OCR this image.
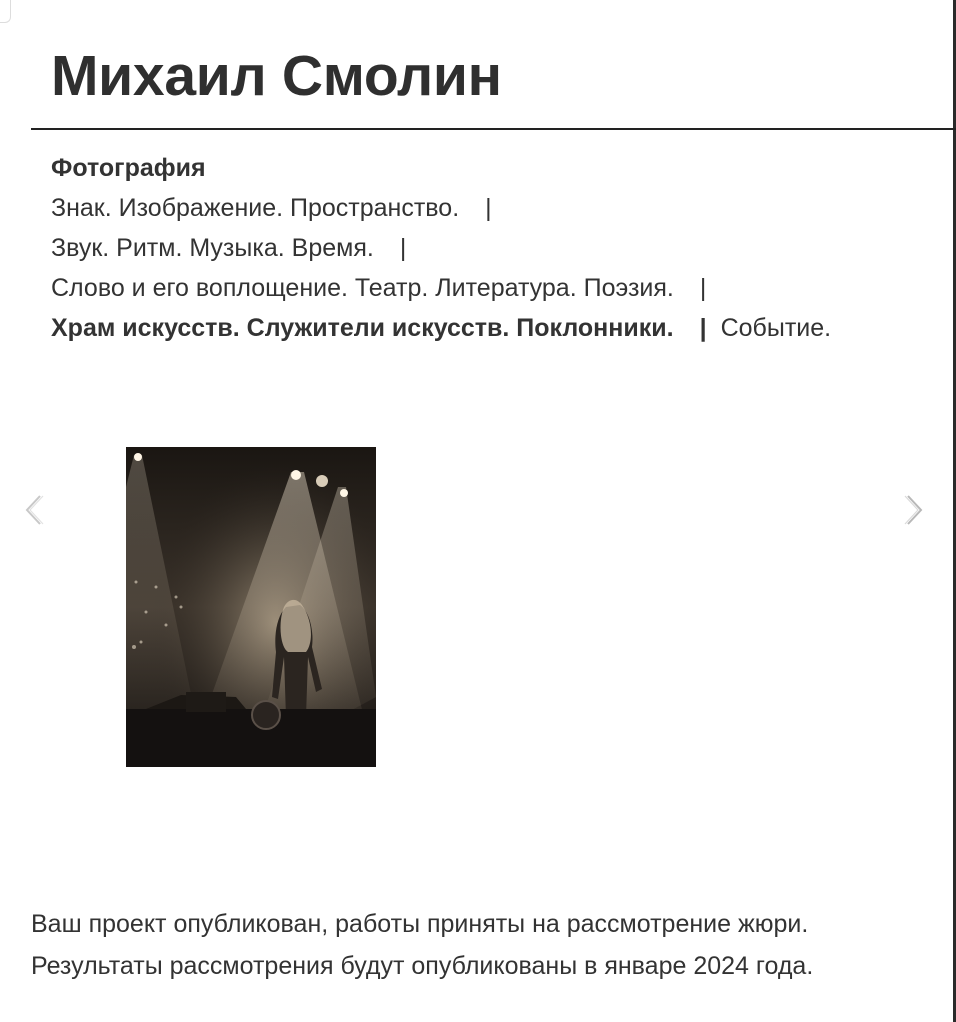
Михаил Смолин
Фотография
Знак. Изображение. Пространство. |
Звук. Ритм. Музыка. Время. |
Слово и его воплощение. Театр. Литература. Поэзия. |
Храм искусств. Служители искусств. Поклонники. | Событие.
Ваш проект опубликован, работы приняты на рассмотрение жюри.
Результаты рассмотрения будут опубликованы в январе 2024 года.
